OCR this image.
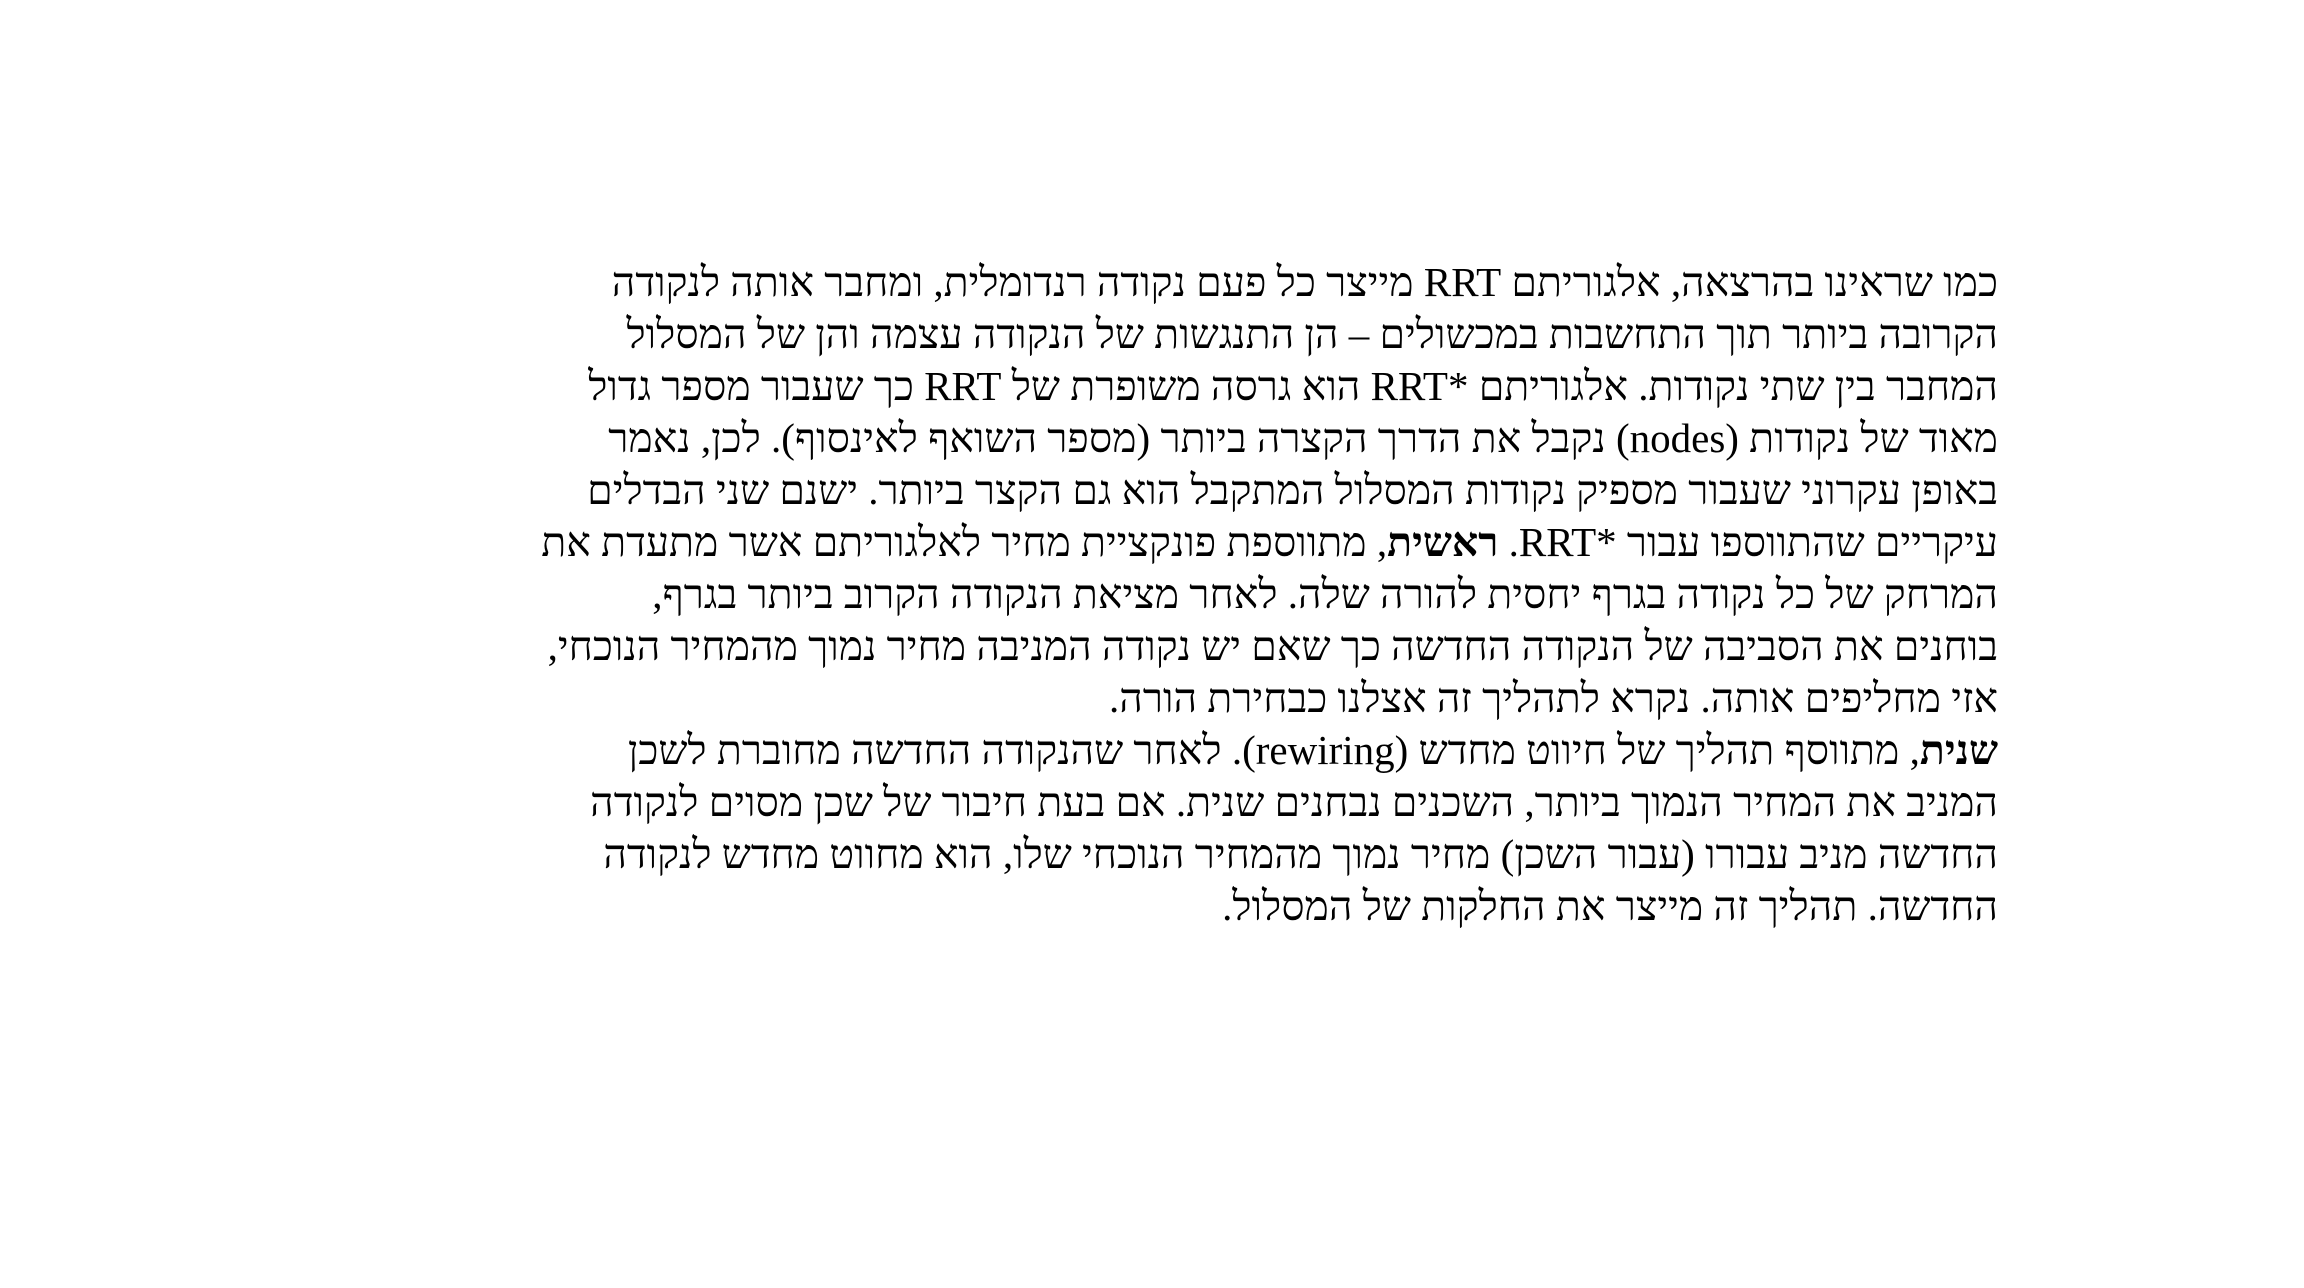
כמו שראינו בהרצאה, אלגוריתם RRT מייצר כל פעם נקודה רנדומלית, ומחבר אותה לנקודה
הקרובה ביותר תוך התחשבות במכשולים – הן התנגשות של הנקודה עצמה והן של המסלול
המחבר בין שתי נקודות. אלגוריתם *RRT הוא גרסה משופרת של RRT כך שעבור מספר גדול
מאוד של נקודות (nodes) נקבל את הדרך הקצרה ביותר (מספר השואף לאינסוף). לכן, נאמר
באופן עקרוני שעבור מספיק נקודות המסלול המתקבל הוא גם הקצר ביותר. ישנם שני הבדלים
עיקריים שהתווספו עבור *RRT. ראשית, מתווספת פונקציית מחיר לאלגוריתם אשר מתעדת את
המרחק של כל נקודה בגרף יחסית להורה שלה. לאחר מציאת הנקודה הקרוב ביותר בגרף,
בוחנים את הסביבה של הנקודה החדשה כך שאם יש נקודה המניבה מחיר נמוך מהמחיר הנוכחי,
אזי מחליפים אותה. נקרא לתהליך זה אצלנו כבחירת הורה.
שנית, מתווסף תהליך של חיווט מחדש (rewiring). לאחר שהנקודה החדשה מחוברת לשכן
המניב את המחיר הנמוך ביותר, השכנים נבחנים שנית. אם בעת חיבור של שכן מסוים לנקודה
החדשה מניב עבורו (עבור השכן) מחיר נמוך מהמחיר הנוכחי שלו, הוא מחווט מחדש לנקודה
החדשה. תהליך זה מייצר את החלקות של המסלול.
